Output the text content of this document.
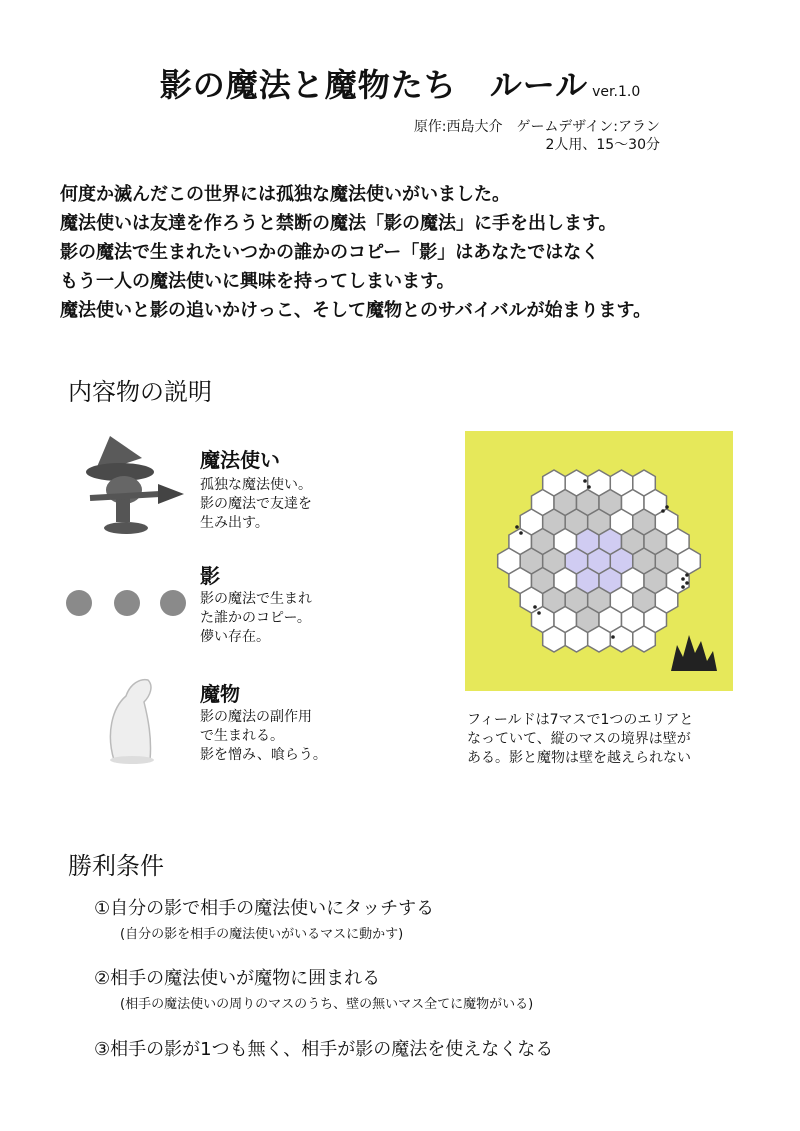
影の魔法と魔物たち　ルール ver.1.0
原作:西島大介　ゲームデザイン:アラン
2人用、15〜30分
何度か滅んだこの世界には孤独な魔法使いがいました。
魔法使いは友達を作ろうと禁断の魔法「影の魔法」に手を出します。
影の魔法で生まれたいつかの誰かのコピー「影」はあなたではなく
もう一人の魔法使いに興味を持ってしまいます。
魔法使いと影の追いかけっこ、そして魔物とのサバイバルが始まります。
内容物の説明
魔法使い
孤独な魔法使い。
影の魔法で友達を
生み出す。
影
影の魔法で生まれ
た誰かのコピー。
儚い存在。
魔物
影の魔法の副作用
で生まれる。
影を憎み、喰らう。
フィールドは7マスで1つのエリアと
なっていて、縦のマスの境界は壁が
ある。影と魔物は壁を越えられない
勝利条件
①自分の影で相手の魔法使いにタッチする
(自分の影を相手の魔法使いがいるマスに動かす)
②相手の魔法使いが魔物に囲まれる
(相手の魔法使いの周りのマスのうち、壁の無いマス全てに魔物がいる)
③相手の影が1つも無く、相手が影の魔法を使えなくなる
